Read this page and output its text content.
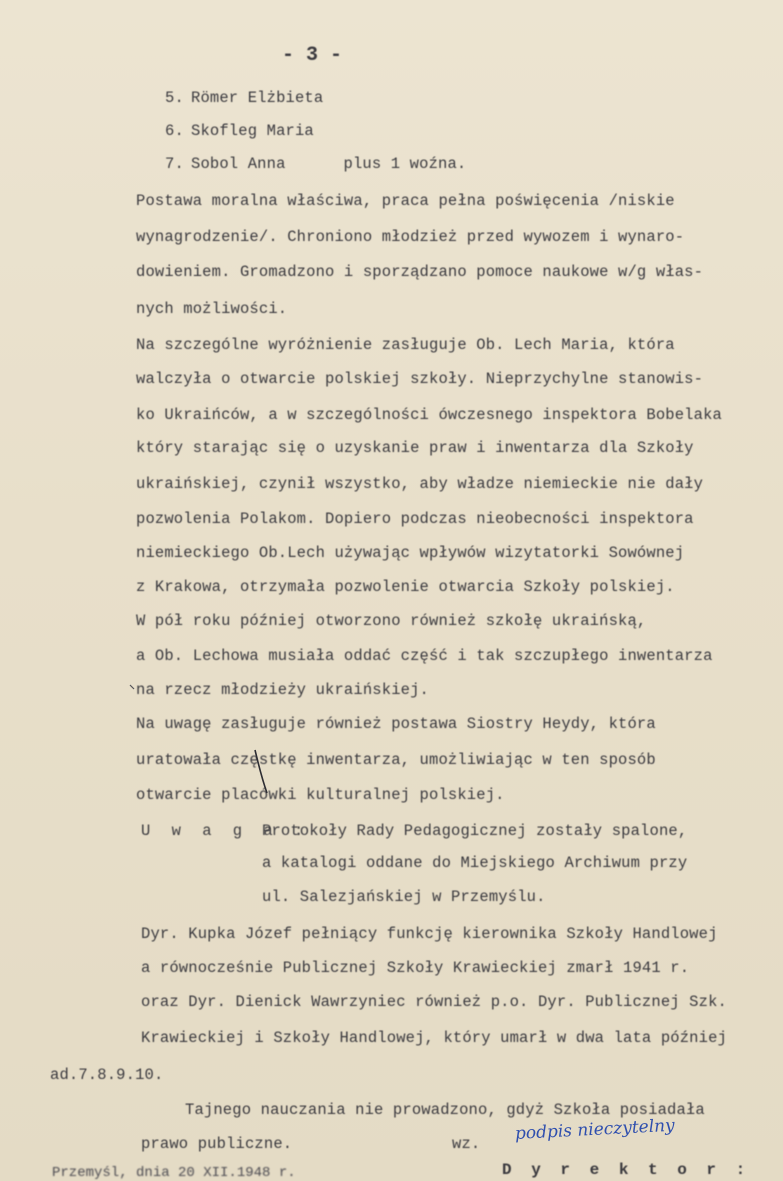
- 3 -
5. Römer Elżbieta
6. Skofleg Maria
7. Sobol Anna	plus 1 woźna.
Postawa moralna właściwa, praca pełna poświęcenia /niskie
wynagrodzenie/. Chroniono młodzież przed wywozem i wynaro-
dowieniem. Gromadzono i sporządzano pomoce naukowe w/g włas-
nych możliwości.
Na szczególne wyróżnienie zasługuje Ob. Lech Maria, która
walczyła o otwarcie polskiej szkoły. Nieprzychylne stanowis-
ko Ukraińców, a w szczególności ówczesnego inspektora Bobelaka
który starając się o uzyskanie praw i inwentarza dla Szkoły
ukraińskiej, czynił wszystko, aby władze niemieckie nie dały
pozwolenia Polakom. Dopiero podczas nieobecności inspektora
niemieckiego Ob.Lech używając wpływów wizytatorki Sowównej
z Krakowa, otrzymała pozwolenie otwarcia Szkoły polskiej.
W pół roku później otworzono również szkołę ukraińską,
a Ob. Lechowa musiała oddać część i tak szczupłego inwentarza
na rzecz młodzieży ukraińskiej.
Na uwagę zasługuje również postawa Siostry Heydy, która
uratowała częstkę inwentarza, umożliwiając w ten sposób
otwarcie placówki kulturalnej polskiej.
U w a g a :
Protokoły Rady Pedagogicznej zostały spalone,
a katalogi oddane do Miejskiego Archiwum przy
ul. Salezjańskiej w Przemyślu.
Dyr. Kupka Józef pełniący funkcję kierownika Szkoły Handlowej
a równocześnie Publicznej Szkoły Krawieckiej zmarł 1941 r.
oraz Dyr. Dienick Wawrzyniec również p.o. Dyr. Publicznej Szk.
Krawieckiej i Szkoły Handlowej, który umarł w dwa lata później
ad.7.8.9.10.
Tajnego nauczania nie prowadzono, gdyż Szkoła posiadała
prawo publiczne.	wz.
podpis nieczytelny
D y r e k t o r :
Przemyśl, dnia 20 XII.1948 r.
